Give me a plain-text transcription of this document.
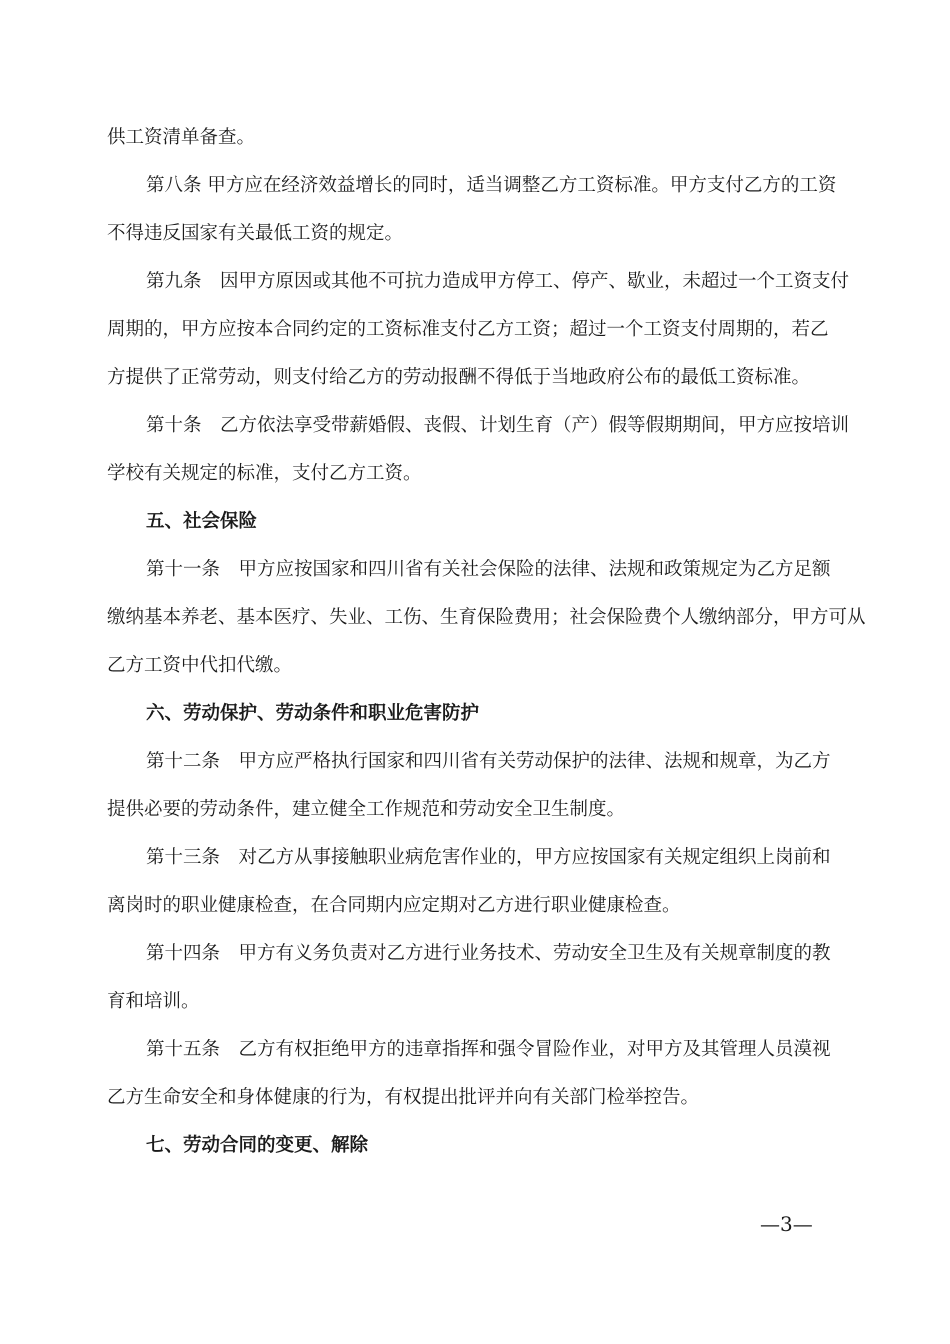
供工资清单备查。
第八条 甲方应在经济效益增长的同时，适当调整乙方工资标准。甲方支付乙方的工资
不得违反国家有关最低工资的规定。
第九条　因甲方原因或其他不可抗力造成甲方停工、停产、歇业，未超过一个工资支付
周期的，甲方应按本合同约定的工资标准支付乙方工资；超过一个工资支付周期的，若乙
方提供了正常劳动，则支付给乙方的劳动报酬不得低于当地政府公布的最低工资标准。
第十条　乙方依法享受带薪婚假、丧假、计划生育（产）假等假期期间，甲方应按培训
学校有关规定的标准，支付乙方工资。
五、社会保险
第十一条　甲方应按国家和四川省有关社会保险的法律、法规和政策规定为乙方足额
缴纳基本养老、基本医疗、失业、工伤、生育保险费用；社会保险费个人缴纳部分，甲方可从
乙方工资中代扣代缴。
六、劳动保护、劳动条件和职业危害防护
第十二条　甲方应严格执行国家和四川省有关劳动保护的法律、法规和规章，为乙方
提供必要的劳动条件，建立健全工作规范和劳动安全卫生制度。
第十三条　对乙方从事接触职业病危害作业的，甲方应按国家有关规定组织上岗前和
离岗时的职业健康检查，在合同期内应定期对乙方进行职业健康检查。
第十四条　甲方有义务负责对乙方进行业务技术、劳动安全卫生及有关规章制度的教
育和培训。
第十五条　乙方有权拒绝甲方的违章指挥和强令冒险作业，对甲方及其管理人员漠视
乙方生命安全和身体健康的行为，有权提出批评并向有关部门检举控告。
七、劳动合同的变更、解除
—3—
